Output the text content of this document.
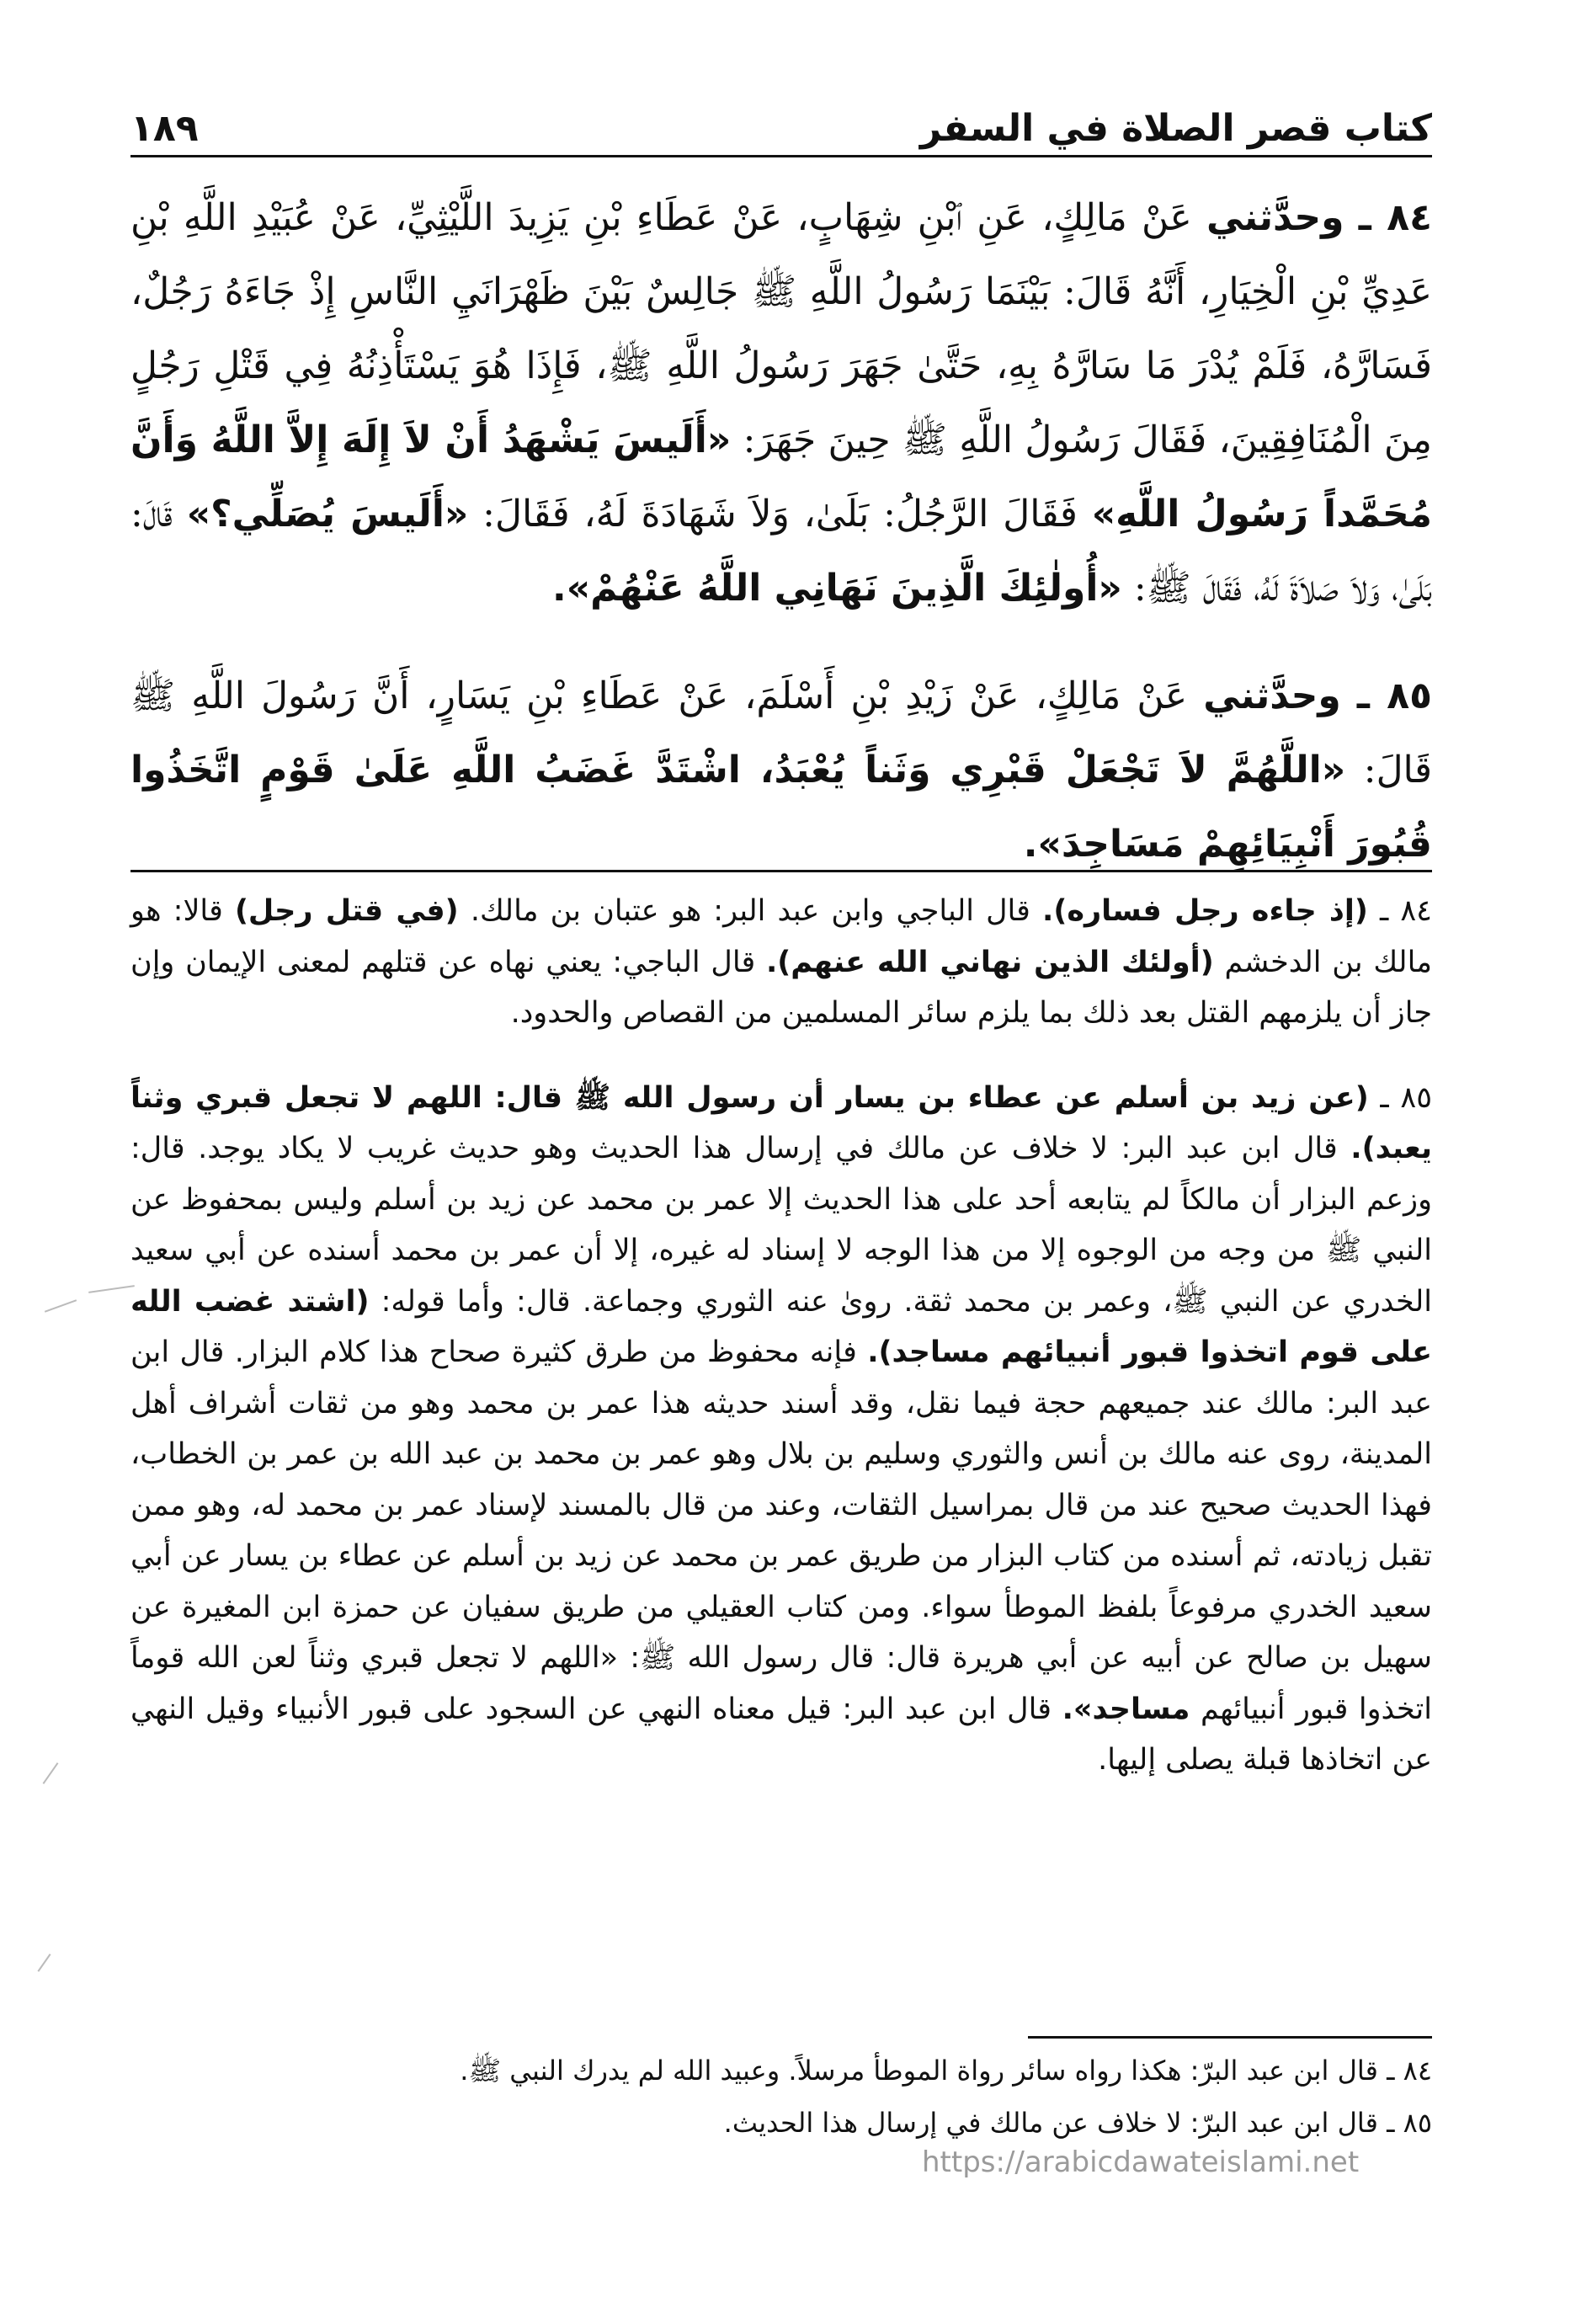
كتاب قصر الصلاة في السفر
١٨٩

٨٤ ـ وحدَّثني عَنْ مَالِكٍ، عَنِ ٱبْنِ شِهَابٍ، عَنْ عَطَاءِ بْنِ يَزِيدَ اللَّيْثِيِّ، عَنْ عُبَيْدِ اللَّهِ بْنِ عَدِيِّ بْنِ الْخِيَارِ، أَنَّهُ قَالَ: بَيْنَمَا رَسُولُ اللَّهِ ﷺ جَالِسٌ بَيْنَ ظَهْرَانَيِ النَّاسِ إِذْ جَاءَهُ رَجُلٌ، فَسَارَّهُ، فَلَمْ يُدْرَ مَا سَارَّهُ بِهِ، حَتَّىٰ جَهَرَ رَسُولُ اللَّهِ ﷺ، فَإِذَا هُوَ يَسْتَأْذِنُهُ فِي قَتْلِ رَجُلٍ مِنَ الْمُنَافِقِينَ، فَقَالَ رَسُولُ اللَّهِ ﷺ حِينَ جَهَرَ: «أَلَيسَ يَشْهَدُ أَنْ لاَ إِلَهَ إِلاَّ اللَّهُ وَأَنَّ مُحَمَّداً رَسُولُ اللَّهِ» فَقَالَ الرَّجُلُ: بَلَىٰ، وَلاَ شَهَادَةَ لَهُ، فَقَالَ: «أَلَيسَ يُصَلِّي؟» قَالَ: بَلَىٰ، وَلاَ صَلاَةَ لَهُ، فَقَالَ ﷺ: «أُولٰئِكَ الَّذِينَ نَهَانِي اللَّهُ عَنْهُمْ».

٨٥ ـ وحدَّثني عَنْ مَالِكٍ، عَنْ زَيْدِ بْنِ أَسْلَمَ، عَنْ عَطَاءِ بْنِ يَسَارٍ، أَنَّ رَسُولَ اللَّهِ ﷺ قَالَ: «اللَّهُمَّ لاَ تَجْعَلْ قَبْرِي وَثَناً يُعْبَدُ، اشْتَدَّ غَضَبُ اللَّهِ عَلَىٰ قَوْمٍ اتَّخَذُوا قُبُورَ أَنْبِيَائِهِمْ مَسَاجِدَ».

٨٤ ـ (إذ جاءه رجل فساره). قال الباجي وابن عبد البر: هو عتبان بن مالك. (في قتل رجل) قالا: هو مالك بن الدخشم (أولئك الذين نهاني الله عنهم). قال الباجي: يعني نهاه عن قتلهم لمعنى الإيمان وإن جاز أن يلزمهم القتل بعد ذلك بما يلزم سائر المسلمين من القصاص والحدود.

٨٥ ـ (عن زيد بن أسلم عن عطاء بن يسار أن رسول الله ﷺ قال: اللهم لا تجعل قبري وثناً يعبد). قال ابن عبد البر: لا خلاف عن مالك في إرسال هذا الحديث وهو حديث غريب لا يكاد يوجد. قال: وزعم البزار أن مالكاً لم يتابعه أحد على هذا الحديث إلا عمر بن محمد عن زيد بن أسلم وليس بمحفوظ عن النبي ﷺ من وجه من الوجوه إلا من هذا الوجه لا إسناد له غيره، إلا أن عمر بن محمد أسنده عن أبي سعيد الخدري عن النبي ﷺ، وعمر بن محمد ثقة. روىٰ عنه الثوري وجماعة. قال: وأما قوله: (اشتد غضب الله على قوم اتخذوا قبور أنبيائهم مساجد). فإنه محفوظ من طرق كثيرة صحاح هذا كلام البزار. قال ابن عبد البر: مالك عند جميعهم حجة فيما نقل، وقد أسند حديثه هذا عمر بن محمد وهو من ثقات أشراف أهل المدينة، روى عنه مالك بن أنس والثوري وسليم بن بلال وهو عمر بن محمد بن عبد الله بن عمر بن الخطاب، فهذا الحديث صحيح عند من قال بمراسيل الثقات، وعند من قال بالمسند لإسناد عمر بن محمد له، وهو ممن تقبل زيادته، ثم أسنده من كتاب البزار من طريق عمر بن محمد عن زيد بن أسلم عن عطاء بن يسار عن أبي سعيد الخدري مرفوعاً بلفظ الموطأ سواء. ومن كتاب العقيلي من طريق سفيان عن حمزة ابن المغيرة عن سهيل بن صالح عن أبيه عن أبي هريرة قال: قال رسول الله ﷺ: «اللهم لا تجعل قبري وثناً لعن الله قوماً اتخذوا قبور أنبيائهم مساجد». قال ابن عبد البر: قيل معناه النهي عن السجود على قبور الأنبياء وقيل النهي عن اتخاذها قبلة يصلى إليها.

٨٤ ـ قال ابن عبد البرّ: هكذا رواه سائر رواة الموطأ مرسلاً. وعبيد الله لم يدرك النبي ﷺ.

٨٥ ـ قال ابن عبد البرّ: لا خلاف عن مالك في إرسال هذا الحديث.

https://arabicdawateislami.net
